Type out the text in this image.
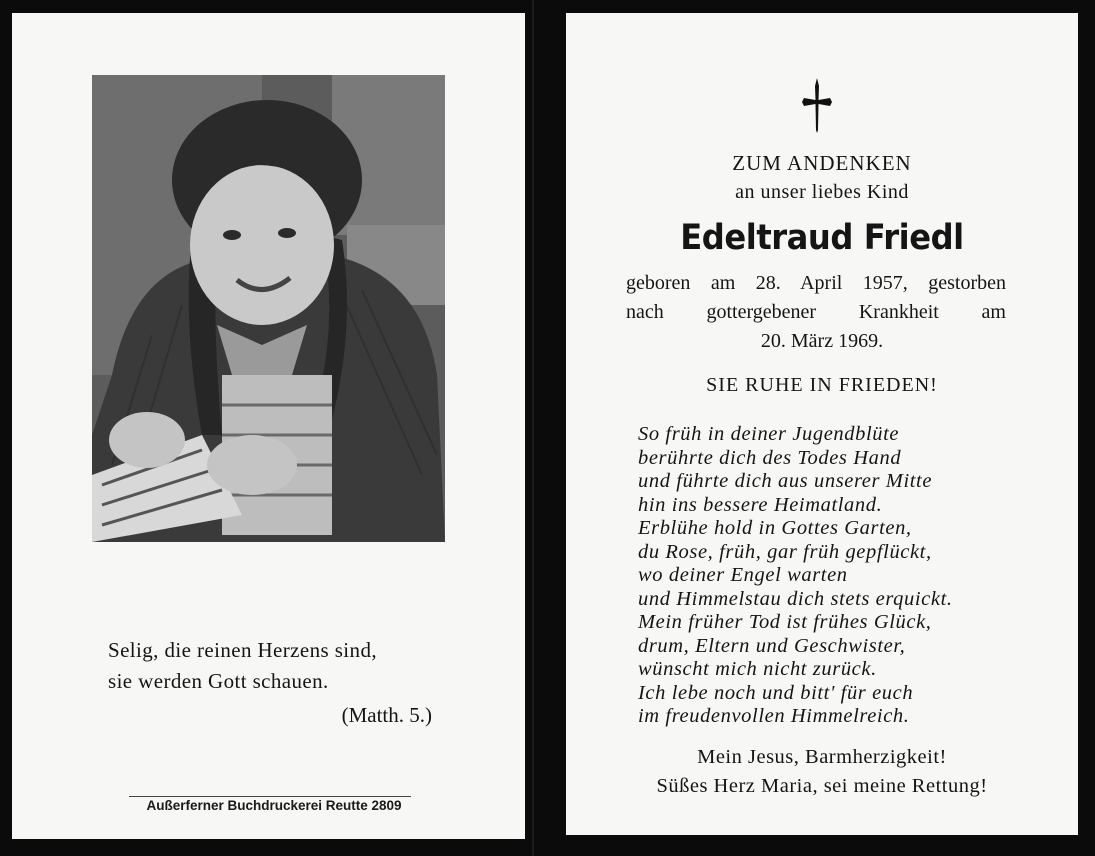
Selig, die reinen Herzens sind,
sie werden Gott schauen.
(Matth. 5.)
Außerferner Buchdruckerei Reutte 2809
ZUM ANDENKEN
an unser liebes Kind
Edeltraud Friedl
geboren am 28. April 1957, gestorben
nach gottergebener Krankheit am
20. März 1969.
SIE RUHE IN FRIEDEN!
So früh in deiner Jugendblüte
berührte dich des Todes Hand
und führte dich aus unserer Mitte
hin ins bessere Heimatland.
Erblühe hold in Gottes Garten,
du Rose, früh, gar früh gepflückt,
wo deiner Engel warten
und Himmelstau dich stets erquickt.
Mein früher Tod ist frühes Glück,
drum, Eltern und Geschwister,
wünscht mich nicht zurück.
Ich lebe noch und bitt' für euch
im freudenvollen Himmelreich.
Mein Jesus, Barmherzigkeit!
Süßes Herz Maria, sei meine Rettung!
